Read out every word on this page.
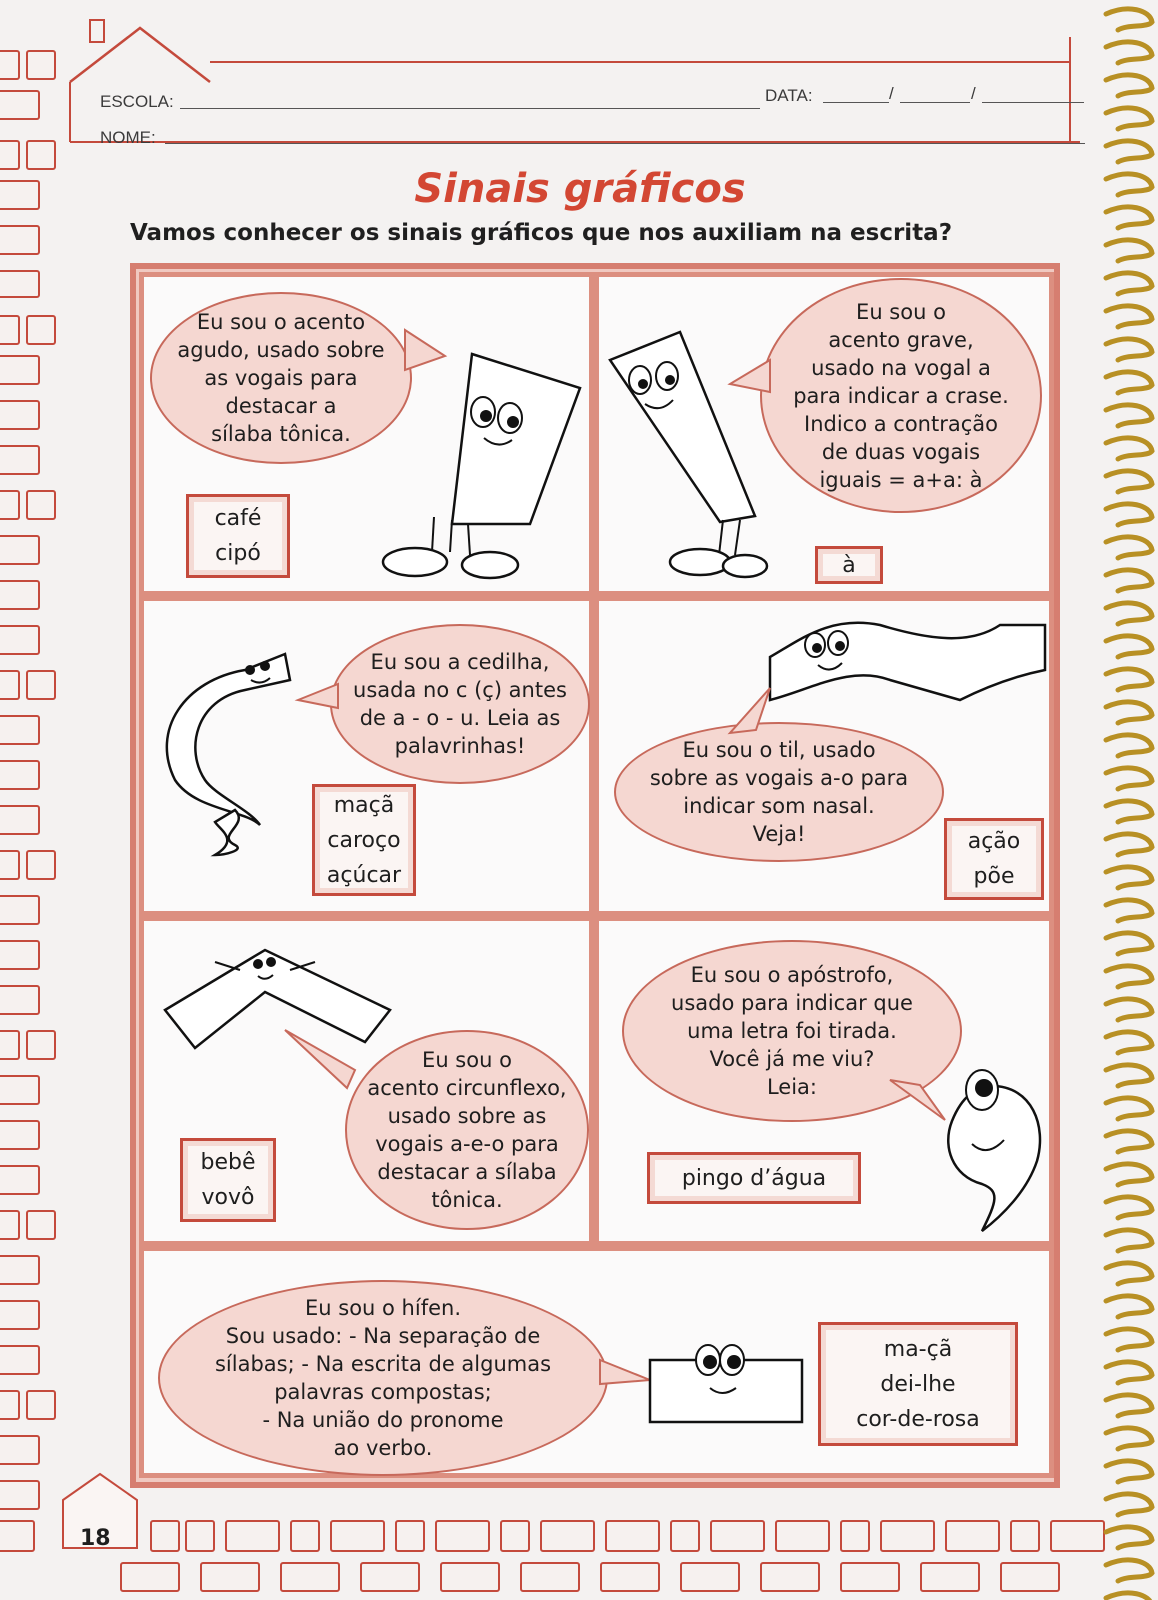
18
ESCOLA:	DATA:	/	/
NOME:
Sinais gráficos
Vamos conhecer os sinais gráficos que nos auxiliam na escrita?
Eu sou o acento
agudo, usado sobre
as vogais para
destacar a
sílaba tônica.
café
cipó
Eu sou o
acento grave,
usado na vogal a
para indicar a crase.
Indico a contração
de duas vogais
iguais = a+a: à
à
Eu sou a cedilha,
usada no c (ç) antes
de a - o - u. Leia as
palavrinhas!
maçã
caroço
açúcar
Eu sou o til, usado
sobre as vogais a-o para
indicar som nasal.
Veja!	ação
põe
Eu sou o
acento circunflexo,
usado sobre as
vogais a-e-o para
destacar a sílaba
tônica.
bebê
vovô
Eu sou o apóstrofo,
usado para indicar que
uma letra foi tirada.
Você já me viu?
Leia:
pingo d’água
Eu sou o hífen.
Sou usado: - Na separação de
sílabas; - Na escrita de algumas
palavras compostas;
- Na união do pronome
ao verbo.
ma-çã
dei-lhe
cor-de-rosa
